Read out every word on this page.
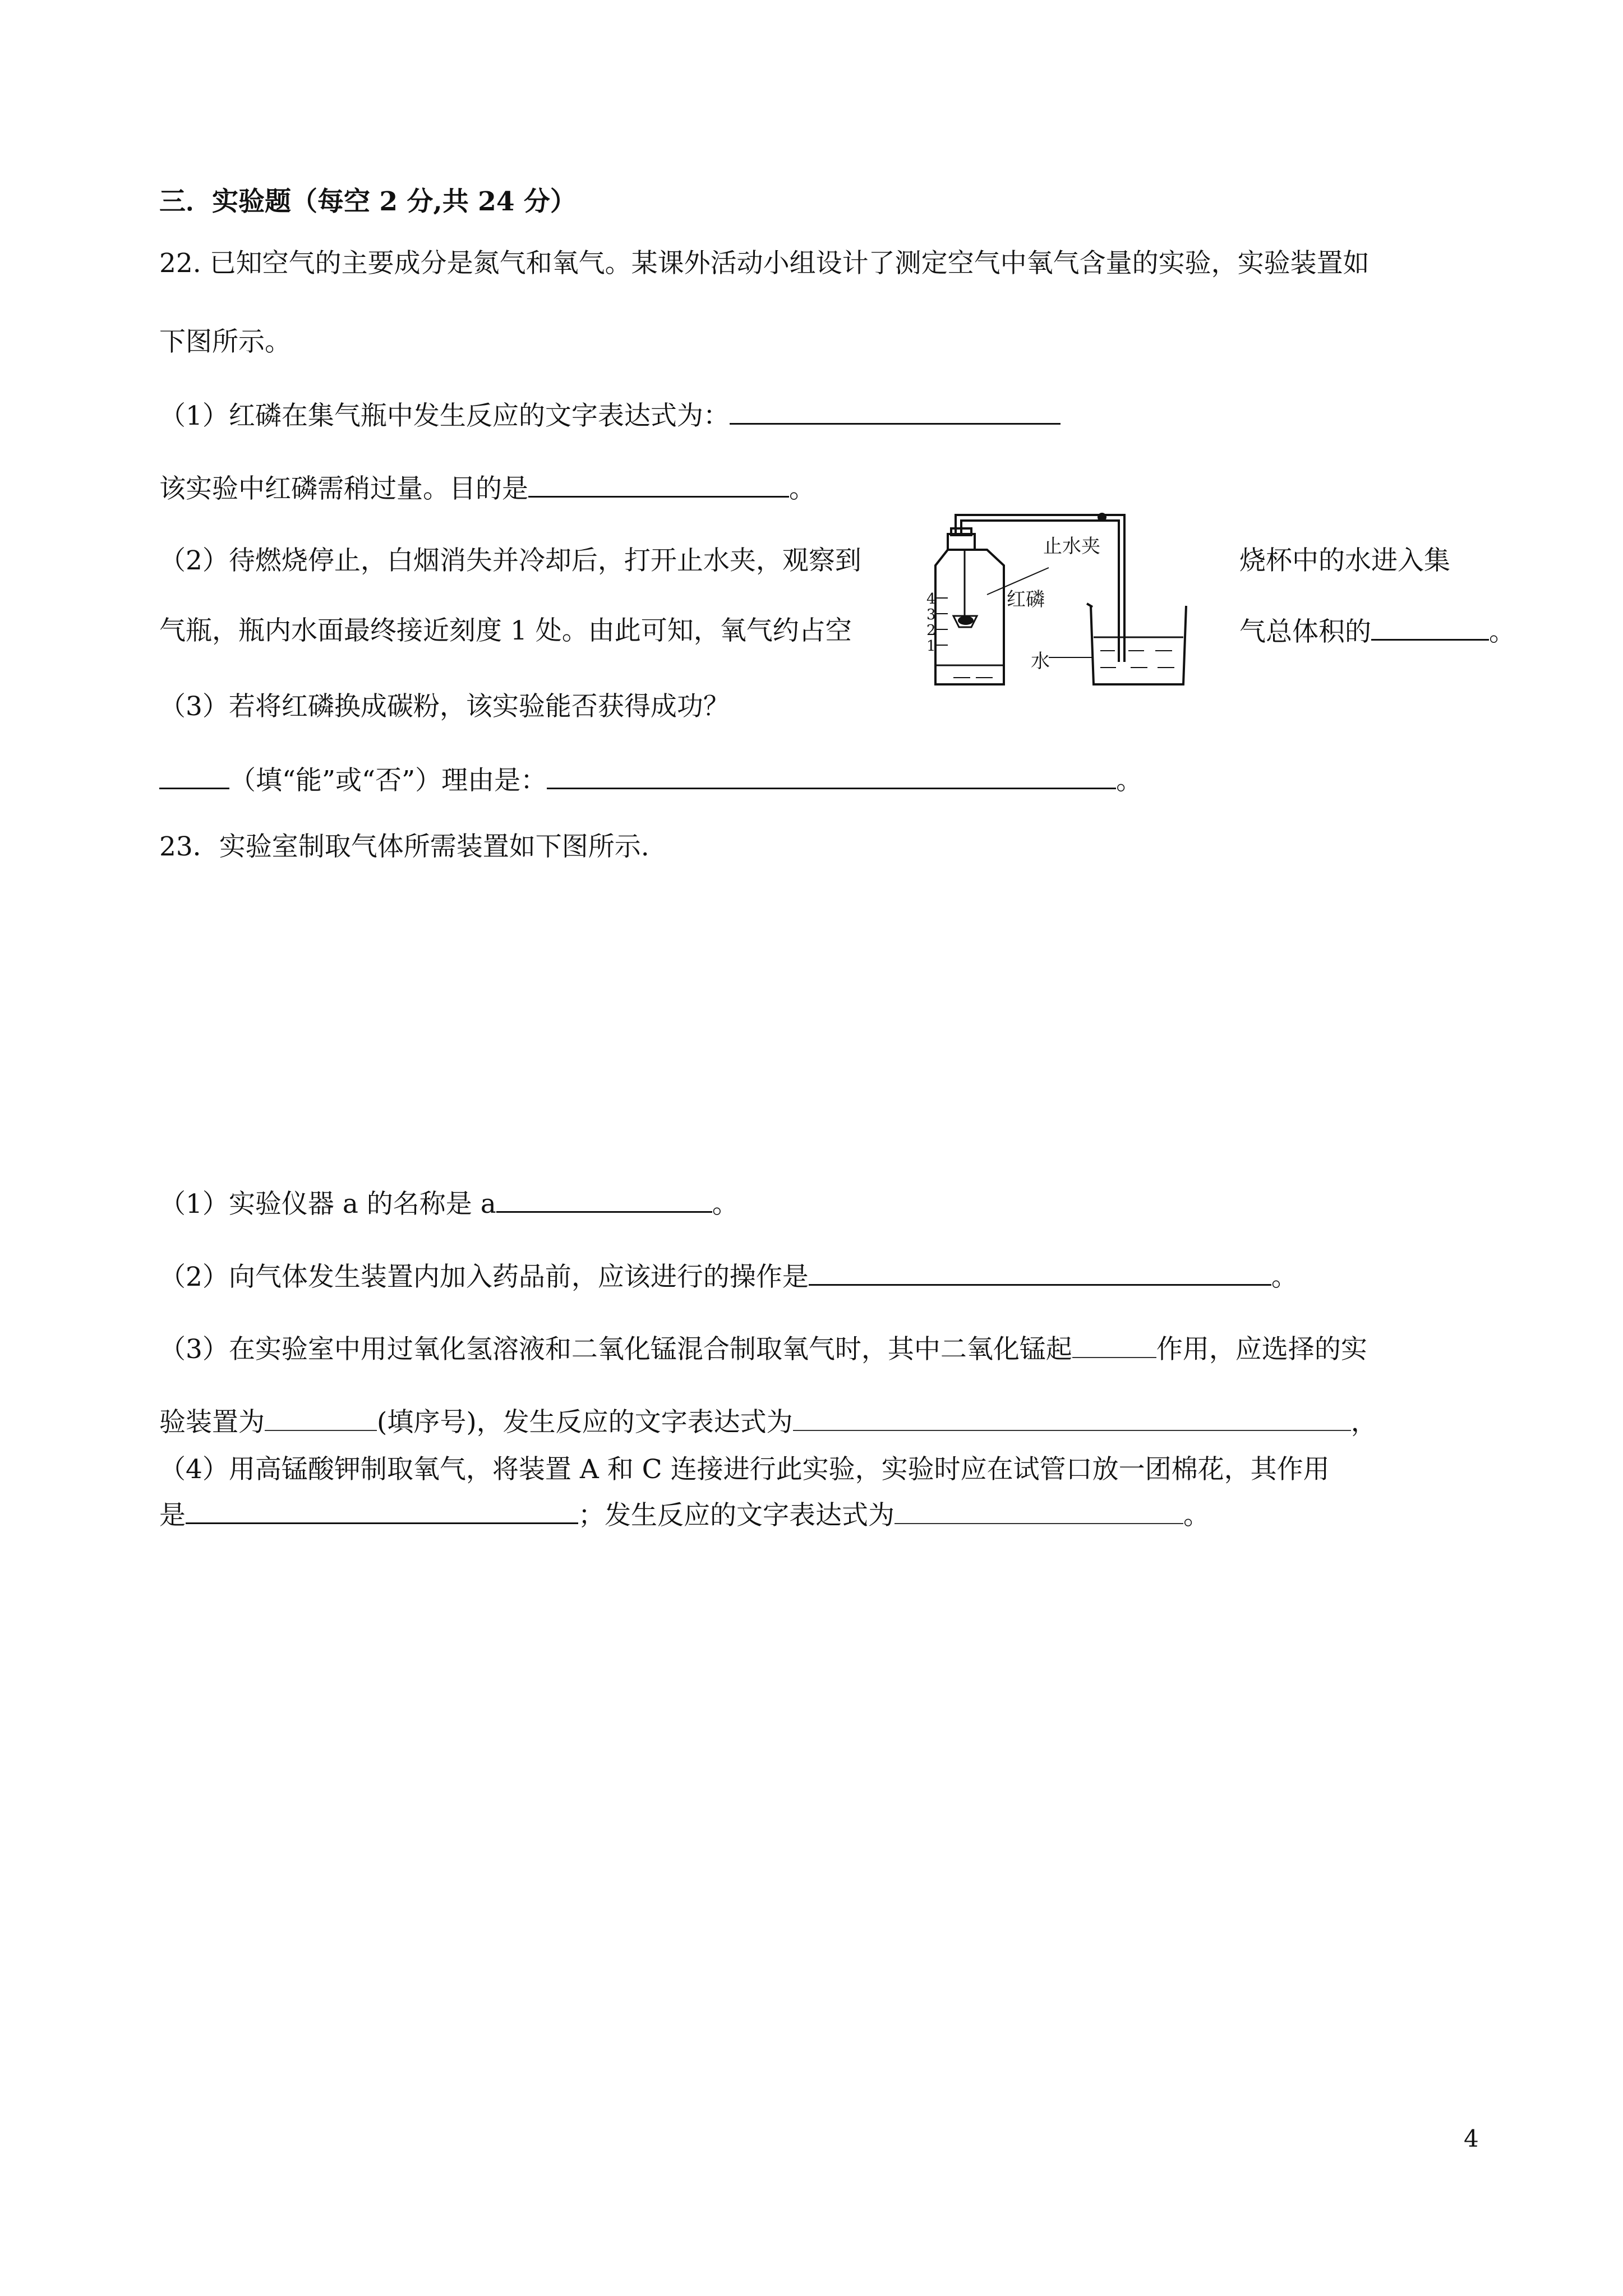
三．实验题（每空 2 分,共 24 分）
22. 已知空气的主要成分是氮气和氧气。某课外活动小组设计了测定空气中氧气含量的实验，实验装置如
下图所示。
（1）红磷在集气瓶中发生反应的文字表达式为：
该实验中红磷需稍过量。目的是	。
（2）待燃烧停止，白烟消失并冷却后，打开止水夹，观察到	烧杯中的水进入集
气瓶，瓶内水面最终接近刻度 1 处。由此可知，氧气约占空	气总体积的	。
止水夹
红磷
水
4
3
2
1
（3）若将红磷换成碳粉，该实验能否获得成功？
（填“能”或“否”）理由是：	。
23．实验室制取气体所需装置如下图所示.
（1）实验仪器 a 的名称是 a	。
（2）向气体发生装置内加入药品前，应该进行的操作是	。
（3）在实验室中用过氧化氢溶液和二氧化锰混合制取氧气时，其中二氧化锰起	作用，应选择的实
验装置为	(填序号)，发生反应的文字表达式为	，
（4）用高锰酸钾制取氧气，将装置 A 和 C 连接进行此实验，实验时应在试管口放一团棉花，其作用
是	；发生反应的文字表达式为	。
4
